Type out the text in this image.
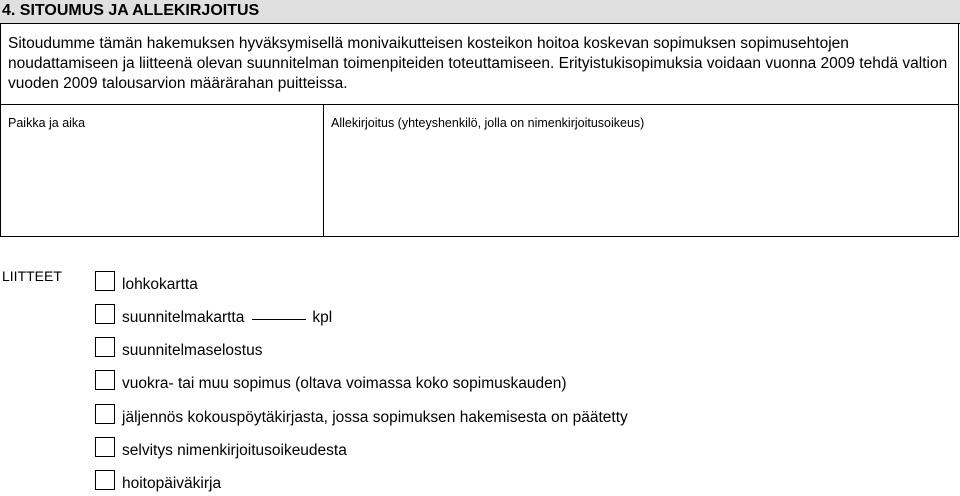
4. SITOUMUS JA ALLEKIRJOITUS

Sitoudumme tämän hakemuksen hyväksymisellä monivaikutteisen kosteikon hoitoa koskevan sopimuksen sopimusehtojen noudattamiseen ja liitteenä olevan suunnitelman toimenpiteiden toteuttamiseen. Erityistukisopimuksia voidaan vuonna 2009 tehdä valtion vuoden 2009 talousarvion määrärahan puitteissa.

Paikka ja aika	Allekirjoitus (yhteyshenkilö, jolla on nimenkirjoitusoikeus)
LIITTEET	lohkokartta
suunnitelmakartta	kpl
suunnitelmaselostus
vuokra- tai muu sopimus (oltava voimassa koko sopimuskauden)
jäljennös kokouspöytäkirjasta, jossa sopimuksen hakemisesta on päätetty
selvitys nimenkirjoitusoikeudesta
hoitopäiväkirja
